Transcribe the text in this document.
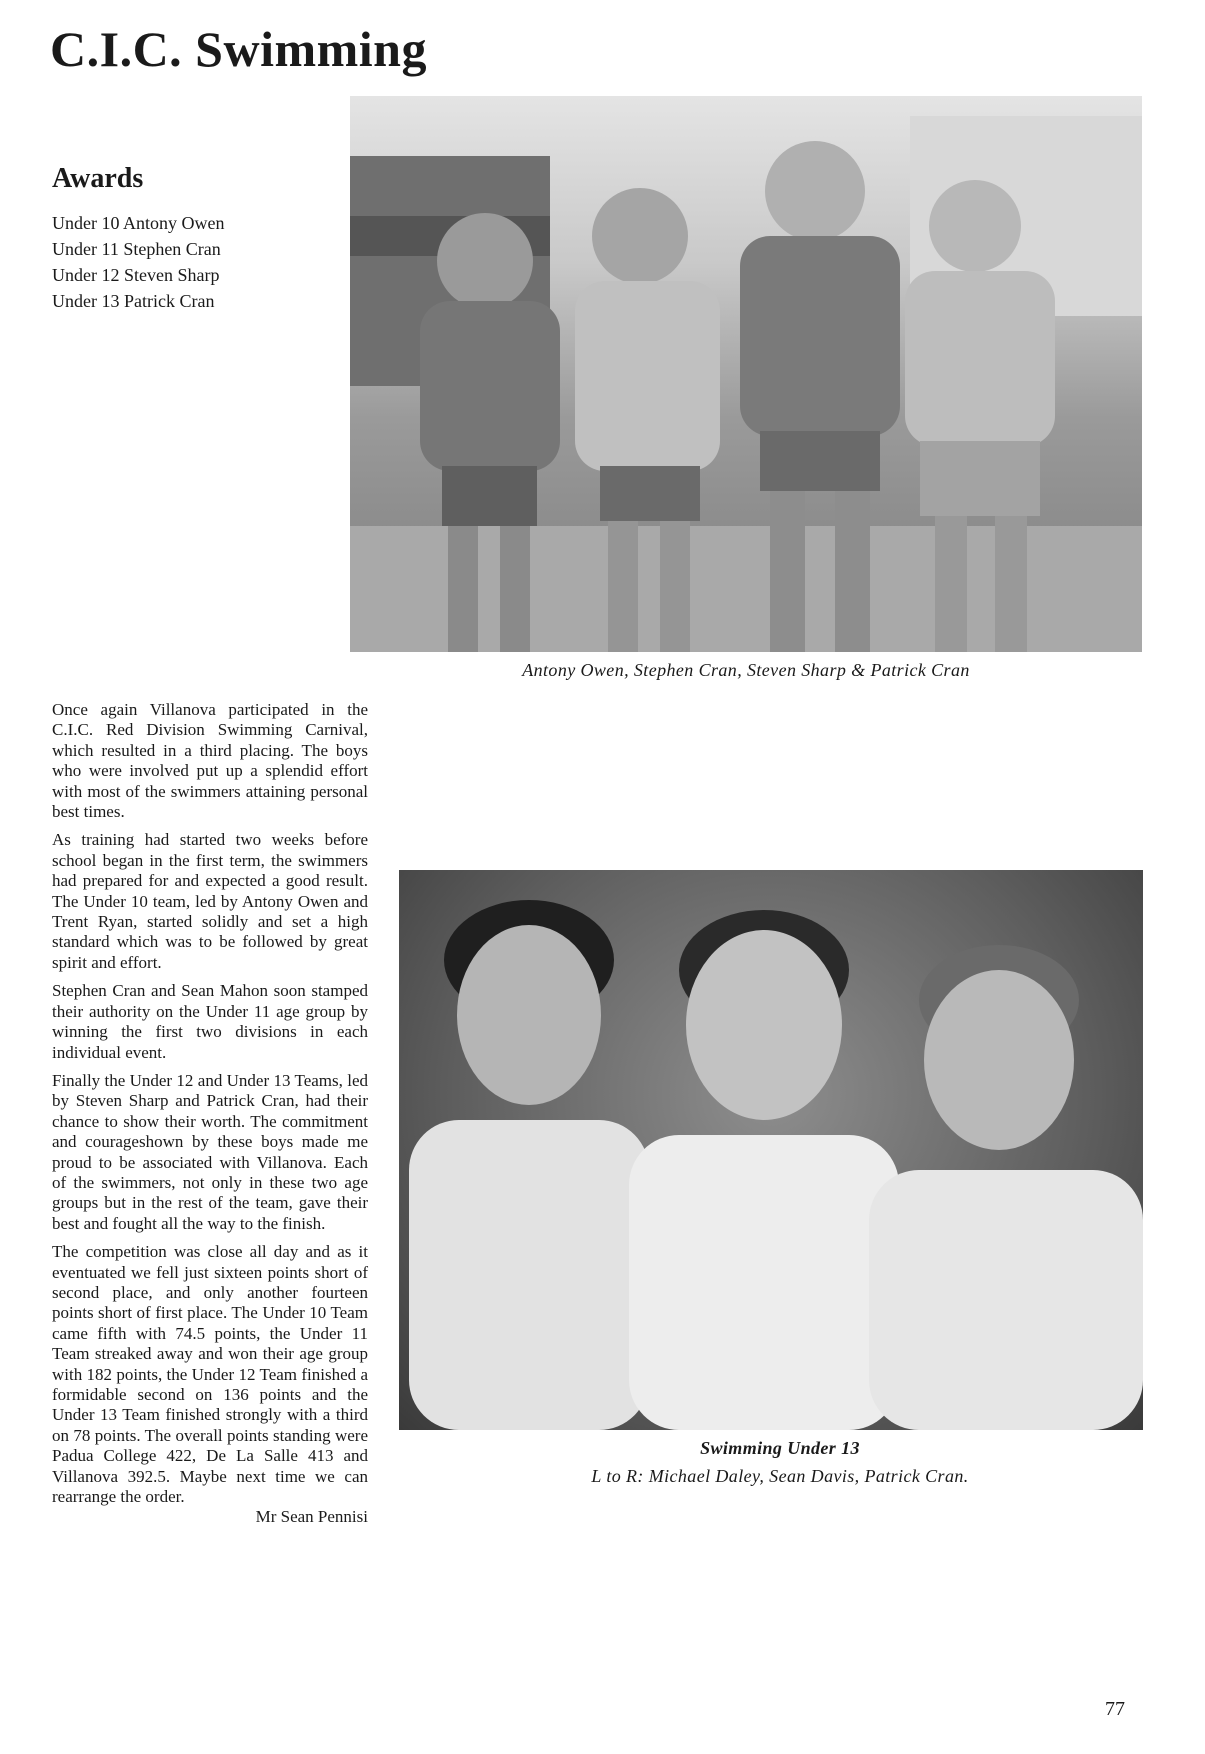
C.I.C. Swimming
Awards
Under 10 Antony Owen
Under 11 Stephen Cran
Under 12 Steven Sharp
Under 13 Patrick Cran

Antony Owen, Stephen Cran, Steven Sharp & Patrick Cran

Once again Villanova participated in the C.I.C. Red Division Swimming Carnival, which resulted in a third placing. The boys who were involved put up a splendid effort with most of the swimmers attaining personal best times.

As training had started two weeks before school began in the first term, the swimmers had prepared for and expected a good result. The Under 10 team, led by Antony Owen and Trent Ryan, started solidly and set a high standard which was to be followed by great spirit and effort.

Stephen Cran and Sean Mahon soon stamped their authority on the Under 11 age group by winning the first two divisions in each individual event.

Finally the Under 12 and Under 13 Teams, led by Steven Sharp and Patrick Cran, had their chance to show their worth. The commitment and courageshown by these boys made me proud to be associated with Villanova. Each of the swimmers, not only in these two age groups but in the rest of the team, gave their best and fought all the way to the finish.

The competition was close all day and as it eventuated we fell just sixteen points short of second place, and only another fourteen points short of first place. The Under 10 Team came fifth with 74.5 points, the Under 11 Team streaked away and won their age group with 182 points, the Under 12 Team finished a formidable second on 136 points and the Under 13 Team finished strongly with a third on 78 points. The overall points standing were Padua College 422, De La Salle 413 and Villanova 392.5. Maybe next time we can rearrange the order.

Mr Sean Pennisi

Swimming Under 13
L to R: Michael Daley, Sean Davis, Patrick Cran.

77
